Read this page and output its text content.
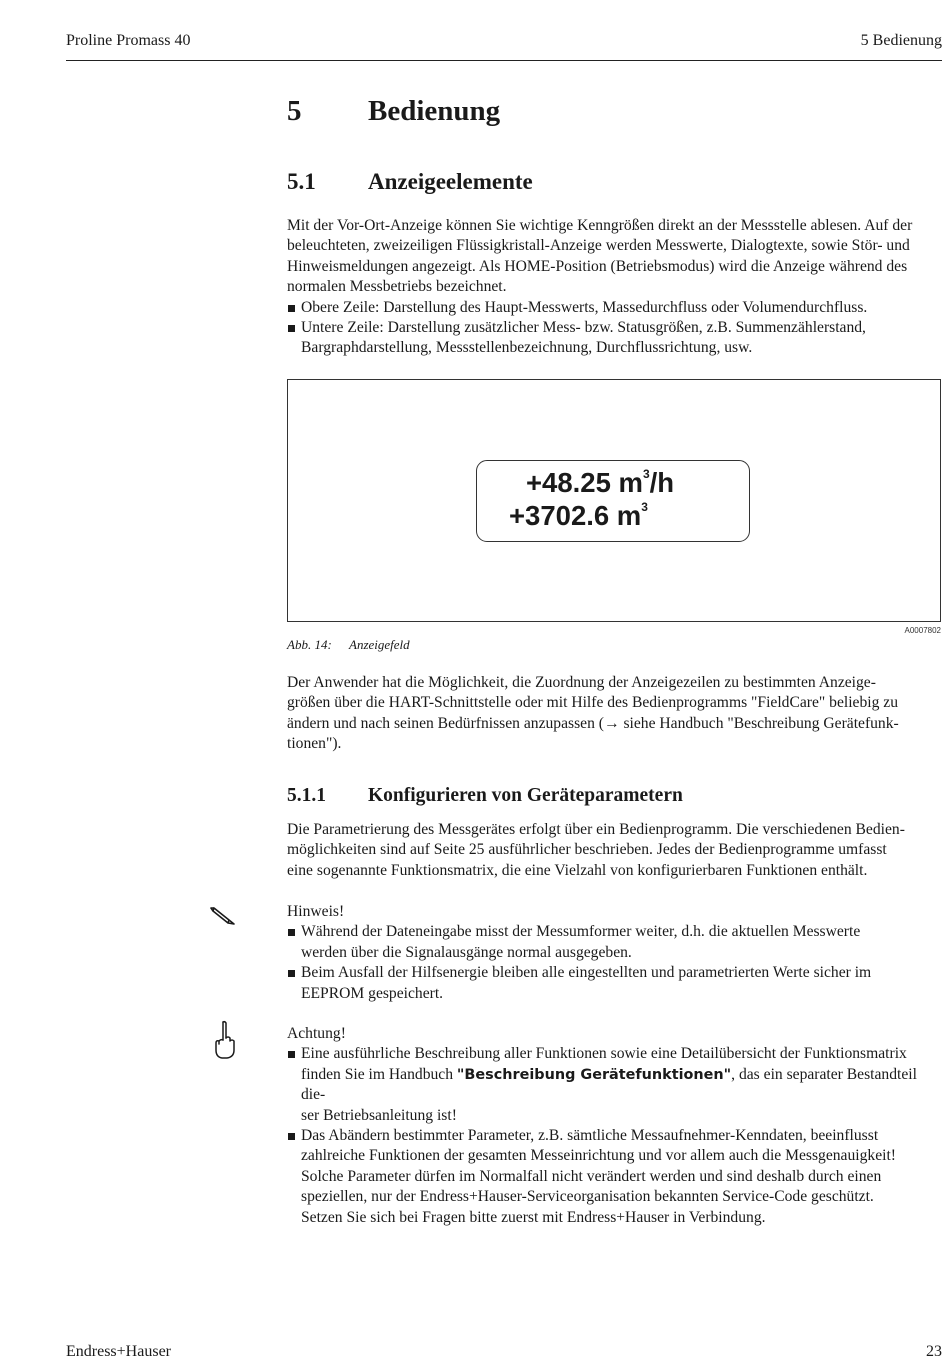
Proline Promass 40	5 Bedienung
5 Bedienung
5.1 Anzeigeelemente
Mit der Vor-Ort-Anzeige können Sie wichtige Kenngrößen direkt an der Messstelle ablesen. Auf der
beleuchteten, zweizeiligen Flüssigkristall-Anzeige werden Messwerte, Dialogtexte, sowie Stör- und
Hinweismeldungen angezeigt. Als HOME-Position (Betriebsmodus) wird die Anzeige während des
normalen Messbetriebs bezeichnet.
Obere Zeile: Darstellung des Haupt-Messwerts, Massedurchfluss oder Volumendurchfluss.
Untere Zeile: Darstellung zusätzlicher Mess- bzw. Statusgrößen, z.B. Summenzählerstand,
Bargraphdarstellung, Messstellenbezeichnung, Durchflussrichtung, usw.
+48.25 $m^3/h$
+3702.6 $m^3$
A0007802
Abb. 14: Anzeigefeld
Der Anwender hat die Möglichkeit, die Zuordnung der Anzeigezeilen zu bestimmten Anzeige-
größen über die HART-Schnittstelle oder mit Hilfe des Bedienprogramms "FieldCare" beliebig zu
ändern und nach seinen Bedürfnissen anzupassen (→ siehe Handbuch "Beschreibung Gerätefunk-
tionen").
5.1.1 Konfigurieren von Geräteparametern
Die Parametrierung des Messgerätes erfolgt über ein Bedienprogramm. Die verschiedenen Bedien-
möglichkeiten sind auf Seite 25 ausführlicher beschrieben. Jedes der Bedienprogramme umfasst
eine sogenannte Funktionsmatrix, die eine Vielzahl von konfigurierbaren Funktionen enthält.
Hinweis!
Während der Dateneingabe misst der Messumformer weiter, d.h. die aktuellen Messwerte
werden über die Signalausgänge normal ausgegeben.
Beim Ausfall der Hilfsenergie bleiben alle eingestellten und parametrierten Werte sicher im
EEPROM gespeichert.
Achtung!
Eine ausführliche Beschreibung aller Funktionen sowie eine Detailübersicht der Funktionsmatrix
finden Sie im Handbuch "Beschreibung Gerätefunktionen", das ein separater Bestandteil die-
ser Betriebsanleitung ist!
Das Abändern bestimmter Parameter, z.B. sämtliche Messaufnehmer-Kenndaten, beeinflusst
zahlreiche Funktionen der gesamten Messeinrichtung und vor allem auch die Messgenauigkeit!
Solche Parameter dürfen im Normalfall nicht verändert werden und sind deshalb durch einen
speziellen, nur der Endress+Hauser-Serviceorganisation bekannten Service-Code geschützt.
Setzen Sie sich bei Fragen bitte zuerst mit Endress+Hauser in Verbindung.
Endress+Hauser	23
